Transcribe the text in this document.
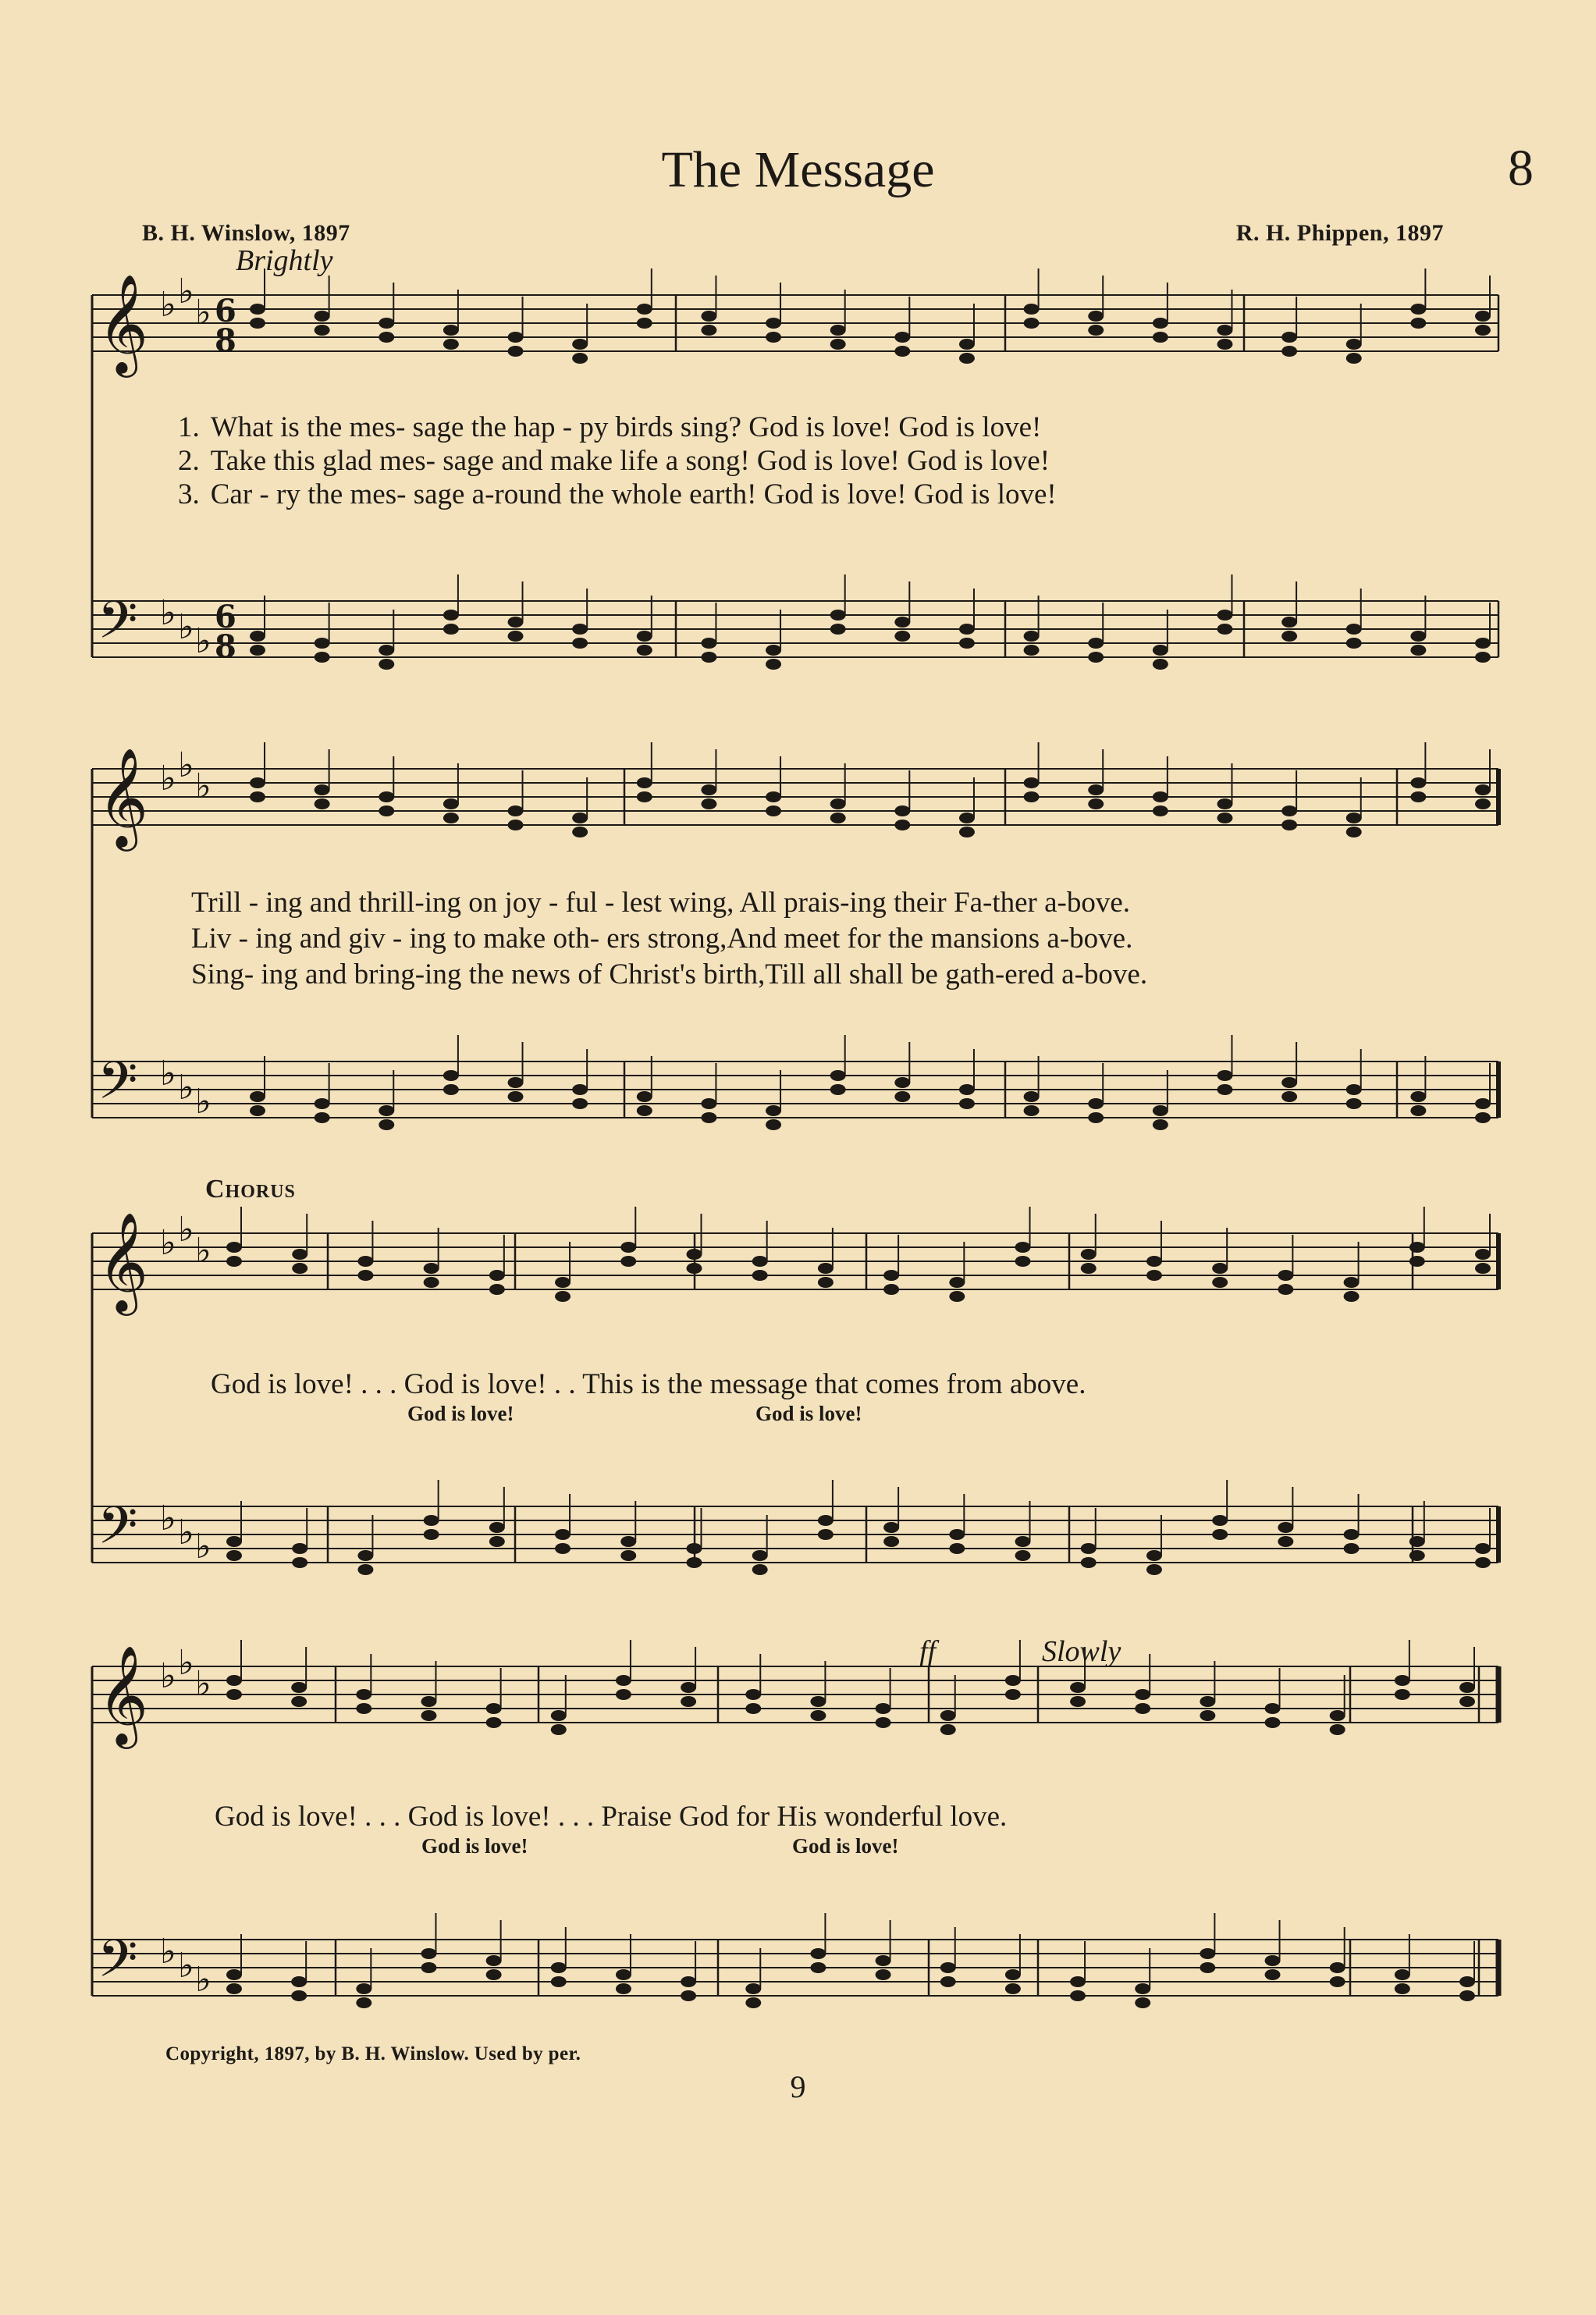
The Message	8
B. H. Winslow, 1897	R. H. Phippen, 1897
Brightly
𝄞
𝄢
𝄞
𝄢
𝄞
𝄢
𝄞
𝄢
♭ ♭
♭
♭ ♭ ♭
♭ ♭
♭
♭ ♭ ♭
♭ ♭
♭
♭ ♭ ♭
♭ ♭
♭
♭ ♭ ♭
6
8
6
8
1. What is the mes- sage the hap - py birds sing? God is love! God is love!
2. Take this glad mes- sage and make life a song! God is love! God is love!
3. Car - ry the mes- sage a-round the whole earth! God is love! God is love!
Trill - ing and thrill-ing on joy - ful - lest wing, All prais-ing their Fa-ther a-bove.
Liv - ing and giv - ing to make oth- ers strong,And meet for the mansions a-bove.
Sing- ing and bring-ing the news of Christ's birth,Till all shall be gath-ered a-bove.
Chorus
God is love! . . . God is love! . . This is the message that comes from above.
God is love!	God is love!
ff	Slowly
God is love! . . . God is love! . . . Praise God for His wonderful love.
God is love!	God is love!
Copyright, 1897, by B. H. Winslow. Used by per.
9
